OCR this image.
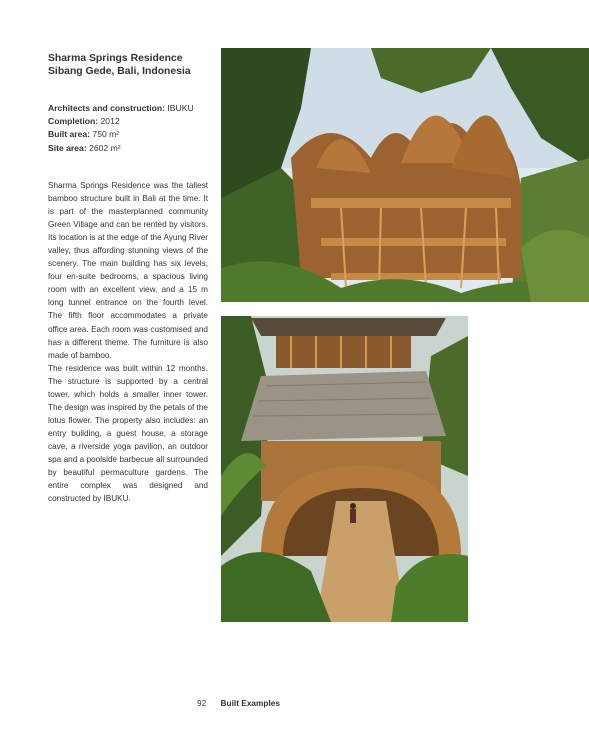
Sharma Springs Residence
Sibang Gede, Bali, Indonesia
Architects and construction: IBUKU
Completion: 2012
Built area: 750 m²
Site area: 2602 m²

Sharma Springs Residence was the tallest bamboo structure built in Bali at the time. It is part of the masterplanned community Green Village and can be rented by visitors. Its location is at the edge of the Ayung River valley, thus affording stunning views of the scenery. The main building has six levels, four en-suite bedrooms, a spacious living room with an excellent view, and a 15 m long tunnel entrance on the fourth level. The fifth floor accommodates a private office area. Each room was customised and has a different theme. The furniture is also made of bamboo.

The residence was built within 12 months. The structure is supported by a central tower, which holds a smaller inner tower. The design was inspired by the petals of the lotus flower. The property also includes: an entry building, a guest house, a storage cave, a riverside yoga pavilion, an outdoor spa and a poolside barbecue all surrounded by beautiful permaculture gardens. The entire complex was designed and constructed by IBUKU.

92 Built Examples
